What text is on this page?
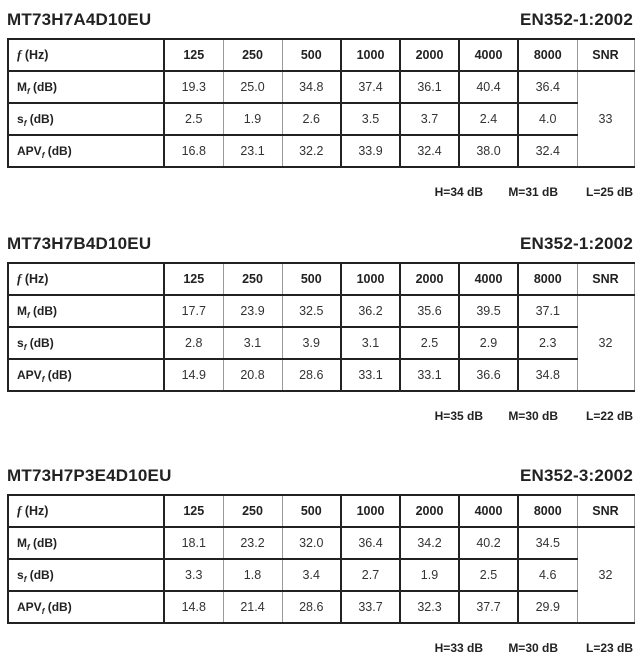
MT73H7A4D10EU	EN352-1:2002
f (Hz)	125	250	500	1000	2000	4000	8000	SNR
$M_f$ (dB)	19.3	25.0	34.8	37.4	36.1	40.4	36.4	33
$s_f$ (dB)	2.5	1.9	2.6	3.5	3.7	2.4	4.0	
$APV_f$ (dB)	16.8	23.1	32.2	33.9	32.4	38.0	32.4	
H=34 dB M=31 dB L=25 dB
MT73H7B4D10EU	EN352-1:2002
f (Hz)	125	250	500	1000	2000	4000	8000	SNR
$M_f$ (dB)	17.7	23.9	32.5	36.2	35.6	39.5	37.1	32
$s_f$ (dB)	2.8	3.1	3.9	3.1	2.5	2.9	2.3	
$APV_f$ (dB)	14.9	20.8	28.6	33.1	33.1	36.6	34.8	
H=35 dB M=30 dB L=22 dB
MT73H7P3E4D10EU	EN352-3:2002
f (Hz)	125	250	500	1000	2000	4000	8000	SNR
$M_f$ (dB)	18.1	23.2	32.0	36.4	34.2	40.2	34.5	32
$s_f$ (dB)	3.3	1.8	3.4	2.7	1.9	2.5	4.6	
$APV_f$ (dB)	14.8	21.4	28.6	33.7	32.3	37.7	29.9	
H=33 dB M=30 dB L=23 dB
